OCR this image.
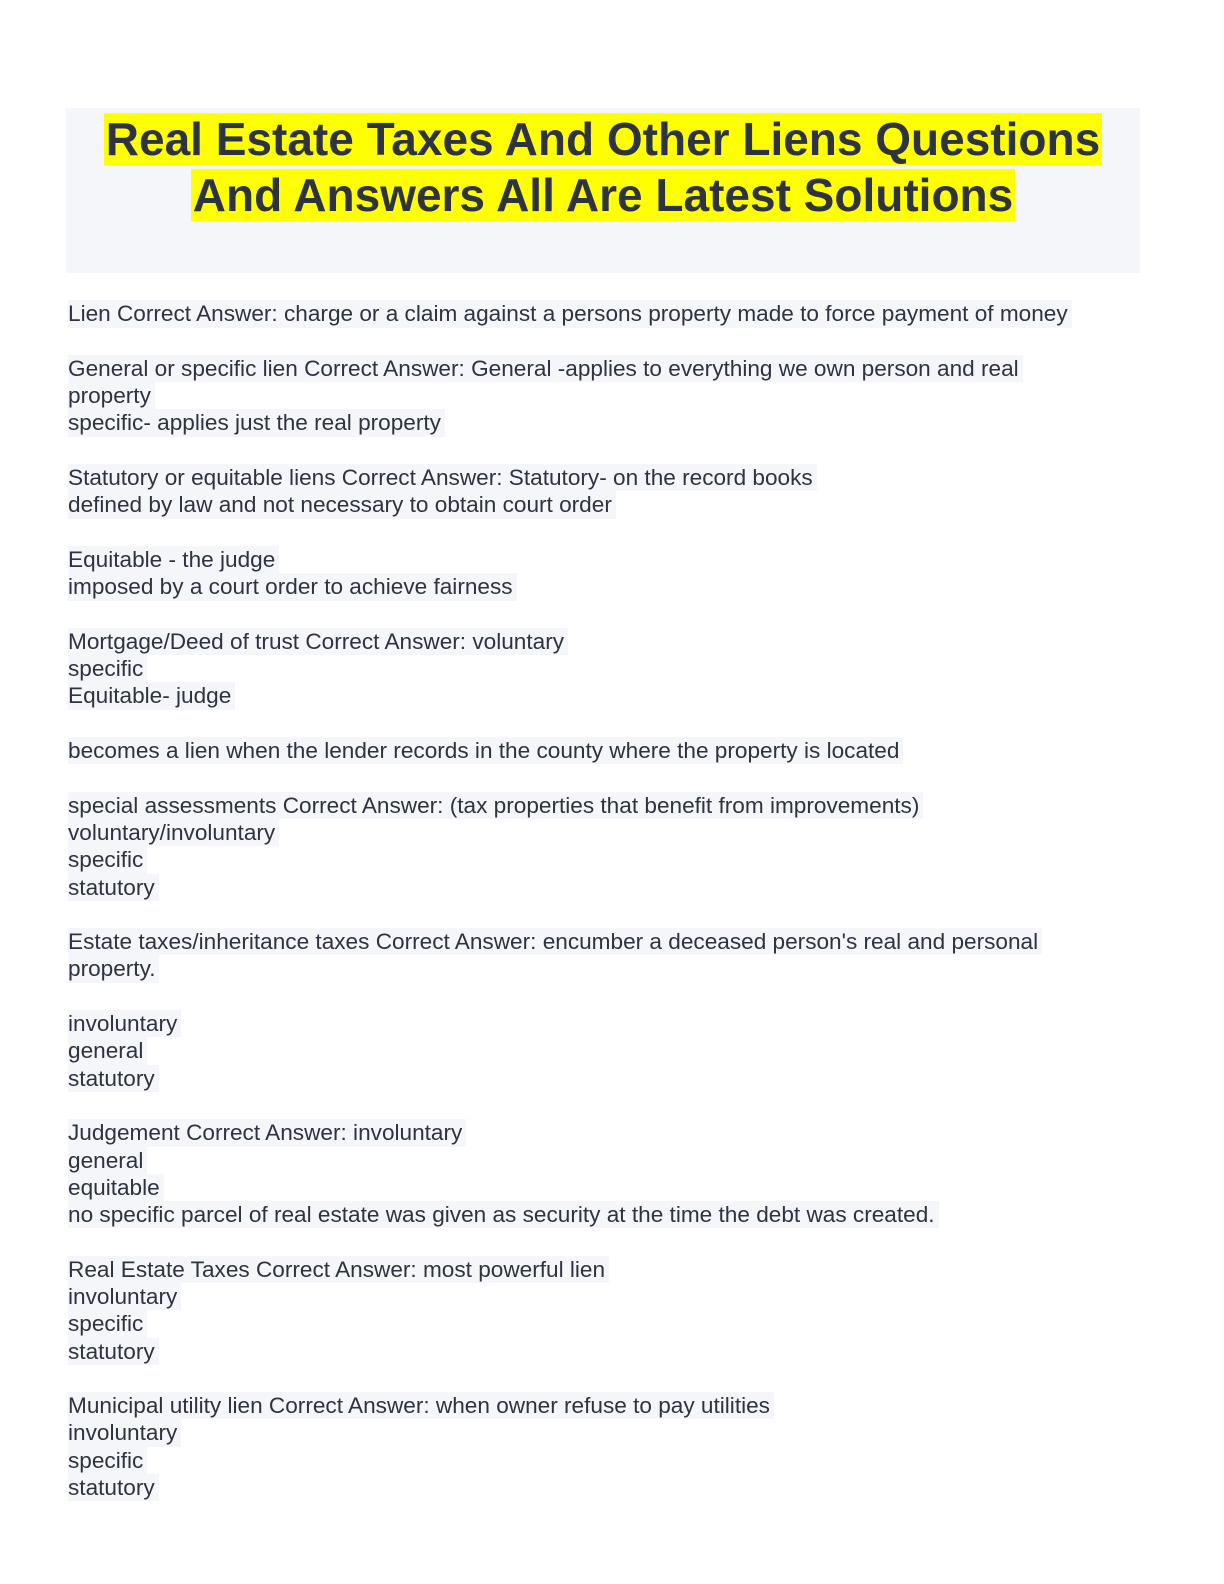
Real Estate Taxes And Other Liens Questions
And Answers All Are Latest Solutions
Lien Correct Answer: charge or a claim against a persons property made to force payment of money
General or specific lien Correct Answer: General -applies to everything we own person and real
property
specific- applies just the real property
Statutory or equitable liens Correct Answer: Statutory- on the record books
defined by law and not necessary to obtain court order
Equitable - the judge
imposed by a court order to achieve fairness
Mortgage/Deed of trust Correct Answer: voluntary
specific
Equitable- judge
becomes a lien when the lender records in the county where the property is located
special assessments Correct Answer: (tax properties that benefit from improvements)
voluntary/involuntary
specific
statutory
Estate taxes/inheritance taxes Correct Answer: encumber a deceased person's real and personal
property.
involuntary
general
statutory
Judgement Correct Answer: involuntary
general
equitable
no specific parcel of real estate was given as security at the time the debt was created.
Real Estate Taxes Correct Answer: most powerful lien
involuntary
specific
statutory
Municipal utility lien Correct Answer: when owner refuse to pay utilities
involuntary
specific
statutory
